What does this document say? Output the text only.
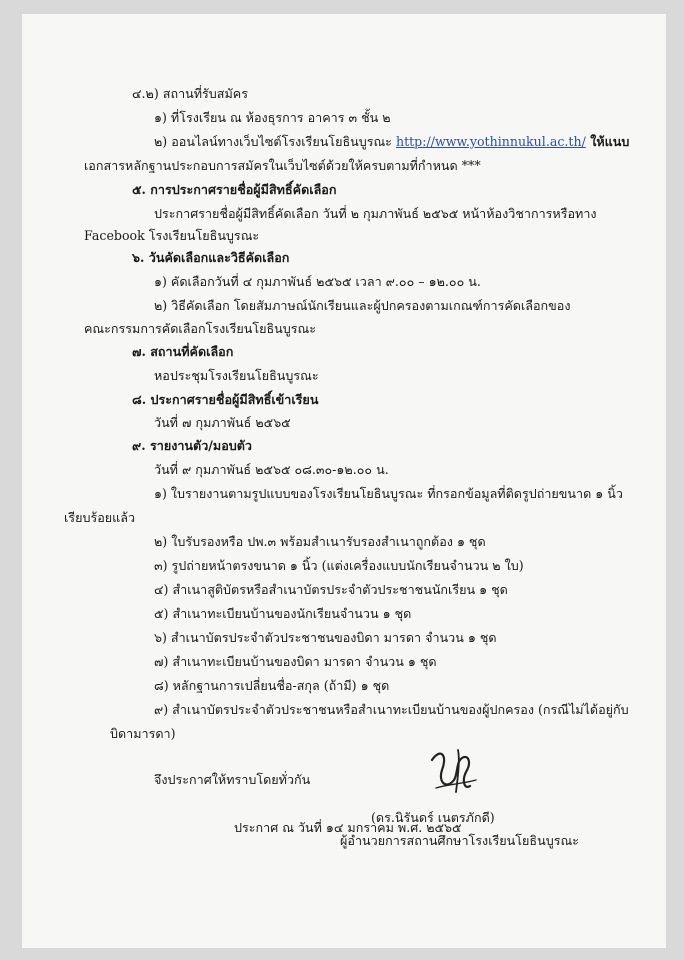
๔.๒) สถานที่รับสมัคร
๑) ที่โรงเรียน ณ ห้องธุรการ อาคาร ๓ ชั้น ๒
๒) ออนไลน์ทางเว็บไซต์โรงเรียนโยธินบูรณะ http://www.yothinnukul.ac.th/ ให้แนบ
เอกสารหลักฐานประกอบการสมัครในเว็บไซต์ด้วยให้ครบตามที่กำหนด ***
๕. การประกาศรายชื่อผู้มีสิทธิ์คัดเลือก
ประกาศรายชื่อผู้มีสิทธิ์คัดเลือก วันที่ ๒ กุมภาพันธ์ ๒๕๖๕ หน้าห้องวิชาการหรือทาง
Facebook โรงเรียนโยธินบูรณะ
๖. วันคัดเลือกและวิธีคัดเลือก
๑) คัดเลือกวันที่ ๔ กุมภาพันธ์ ๒๕๖๕ เวลา ๙.๐๐ – ๑๒.๐๐ น.
๒) วิธีคัดเลือก โดยสัมภาษณ์นักเรียนและผู้ปกครองตามเกณฑ์การคัดเลือกของ
คณะกรรมการคัดเลือกโรงเรียนโยธินบูรณะ
๗. สถานที่คัดเลือก
หอประชุมโรงเรียนโยธินบูรณะ
๘. ประกาศรายชื่อผู้มีสิทธิ์เข้าเรียน
วันที่ ๗ กุมภาพันธ์ ๒๕๖๕
๙. รายงานตัว/มอบตัว
วันที่ ๙ กุมภาพันธ์ ๒๕๖๕ ๐๘.๓๐-๑๒.๐๐ น.
๑) ใบรายงานตามรูปแบบของโรงเรียนโยธินบูรณะ ที่กรอกข้อมูลที่ติดรูปถ่ายขนาด ๑ นิ้ว
เรียบร้อยแล้ว
๒) ใบรับรองหรือ ปพ.๓ พร้อมสำเนารับรองสำเนาถูกต้อง ๑ ชุด
๓) รูปถ่ายหน้าตรงขนาด ๑ นิ้ว (แต่งเครื่องแบบนักเรียนจำนวน ๒ ใบ)
๔) สำเนาสูติบัตรหรือสำเนาบัตรประจำตัวประชาชนนักเรียน ๑ ชุด
๕) สำเนาทะเบียนบ้านของนักเรียนจำนวน ๑ ชุด
๖) สำเนาบัตรประจำตัวประชาชนของบิดา มารดา จำนวน ๑ ชุด
๗) สำเนาทะเบียนบ้านของบิดา มารดา จำนวน ๑ ชุด
๘) หลักฐานการเปลี่ยนชื่อ-สกุล (ถ้ามี) ๑ ชุด
๙) สำเนาบัตรประจำตัวประชาชนหรือสำเนาทะเบียนบ้านของผู้ปกครอง (กรณีไม่ได้อยู่กับ
บิดามารดา)
จึงประกาศให้ทราบโดยทั่วกัน
ประกาศ ณ วันที่ ๑๔ มกราคม พ.ศ. ๒๕๖๕
(ดร.นิรันดร์ เนตรภักดี)
ผู้อำนวยการสถานศึกษาโรงเรียนโยธินบูรณะ
